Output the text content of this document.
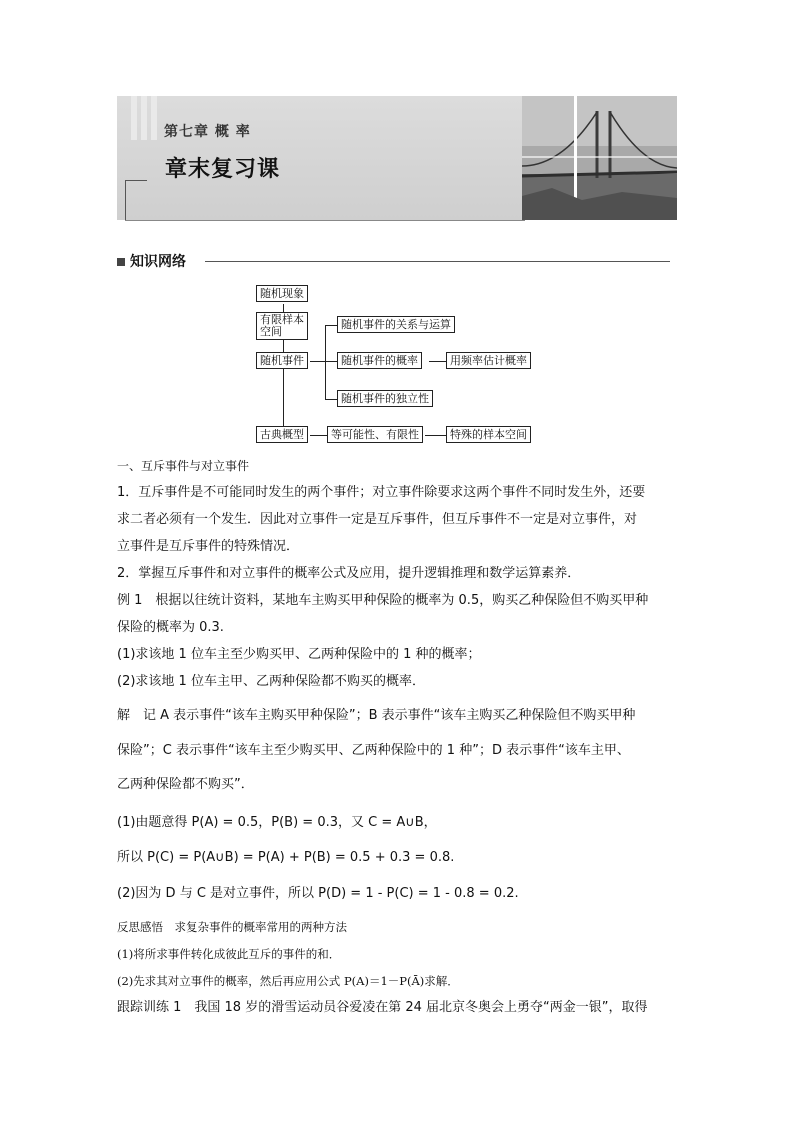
第七章 概 率
章末复习课
知识网络
随机现象
有限样本
空间
随机事件
随机事件的关系与运算
随机事件的概率	用频率估计概率
随机事件的独立性
古典概型	等可能性、有限性	特殊的样本空间
一、互斥事件与对立事件
1．互斥事件是不可能同时发生的两个事件；对立事件除要求这两个事件不同时发生外，还要
求二者必须有一个发生．因此对立事件一定是互斥事件，但互斥事件不一定是对立事件，对
立事件是互斥事件的特殊情况．
2．掌握互斥事件和对立事件的概率公式及应用，提升逻辑推理和数学运算素养．
例 1　根据以往统计资料，某地车主购买甲种保险的概率为 0.5，购买乙种保险但不购买甲种
保险的概率为 0.3.
(1)求该地 1 位车主至少购买甲、乙两种保险中的 1 种的概率；
(2)求该地 1 位车主甲、乙两种保险都不购买的概率．
解　记 A 表示事件“该车主购买甲种保险”；B 表示事件“该车主购买乙种保险但不购买甲种
保险”；C 表示事件“该车主至少购买甲、乙两种保险中的 1 种”；D 表示事件“该车主甲、
乙两种保险都不购买”．
(1)由题意得 P(A) = 0.5，P(B) = 0.3，又 C = A∪B，
所以 P(C) = P(A∪B) = P(A) + P(B) = 0.5 + 0.3 = 0.8.
(2)因为 D 与 C 是对立事件，所以 P(D) = 1 - P(C) = 1 - 0.8 = 0.2.
反思感悟　求复杂事件的概率常用的两种方法
(1)将所求事件转化成彼此互斥的事件的和．
(2)先求其对立事件的概率，然后再应用公式 P(A)＝1－P(Ā)求解．
跟踪训练 1　我国 18 岁的滑雪运动员谷爱凌在第 24 届北京冬奥会上勇夺“两金一银”，取得
